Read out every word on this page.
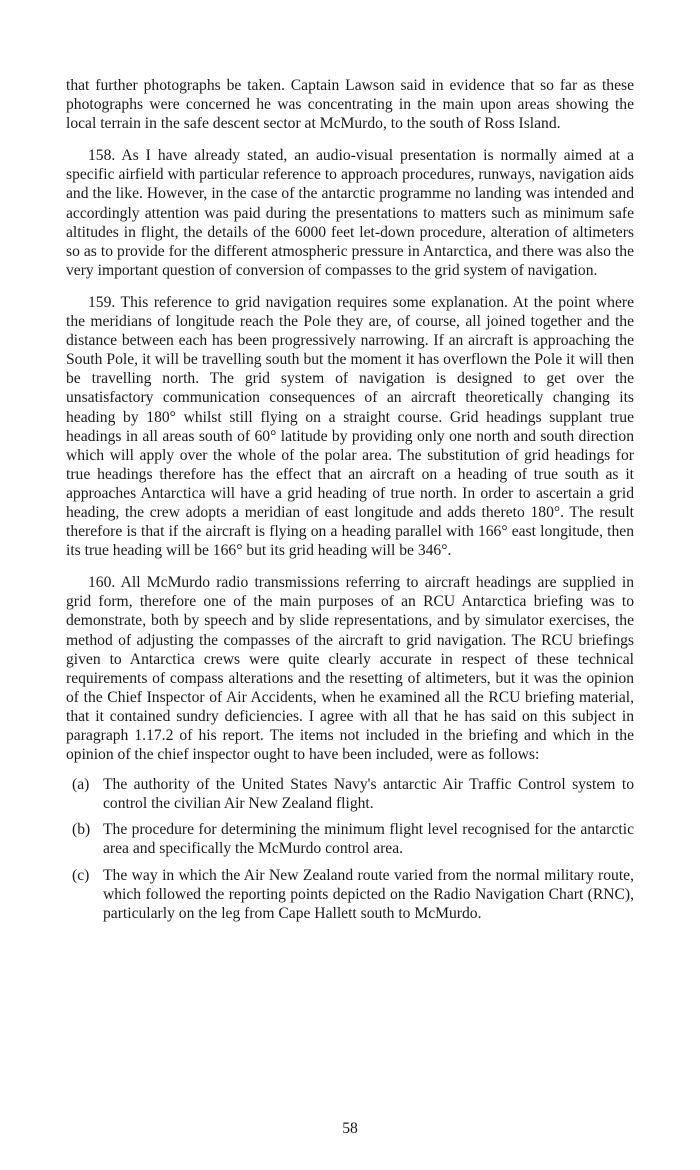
that further photographs be taken. Captain Lawson said in evidence that so far as these photographs were concerned he was concentrating in the main upon areas showing the local terrain in the safe descent sector at McMurdo, to the south of Ross Island.

158. As I have already stated, an audio-visual presentation is normally aimed at a specific airfield with particular reference to approach procedures, runways, navigation aids and the like. However, in the case of the antarctic programme no landing was intended and accordingly attention was paid during the presentations to matters such as minimum safe altitudes in flight, the details of the 6000 feet let-down procedure, alteration of altimeters so as to provide for the different atmospheric pressure in Antarctica, and there was also the very important question of conversion of compasses to the grid system of navigation.

159. This reference to grid navigation requires some explanation. At the point where the meridians of longitude reach the Pole they are, of course, all joined together and the distance between each has been progressively narrowing. If an aircraft is approaching the South Pole, it will be travelling south but the moment it has overflown the Pole it will then be travelling north. The grid system of navigation is designed to get over the unsatisfactory communication consequences of an aircraft theoretically changing its heading by 180° whilst still flying on a straight course. Grid headings supplant true headings in all areas south of 60° latitude by providing only one north and south direction which will apply over the whole of the polar area. The substitution of grid headings for true headings therefore has the effect that an aircraft on a heading of true south as it approaches Antarctica will have a grid heading of true north. In order to ascertain a grid heading, the crew adopts a meridian of east longitude and adds thereto 180°. The result therefore is that if the aircraft is flying on a heading parallel with 166° east longitude, then its true heading will be 166° but its grid heading will be 346°.

160. All McMurdo radio transmissions referring to aircraft headings are supplied in grid form, therefore one of the main purposes of an RCU Antarctica briefing was to demonstrate, both by speech and by slide representations, and by simulator exercises, the method of adjusting the compasses of the aircraft to grid navigation. The RCU briefings given to Antarctica crews were quite clearly accurate in respect of these technical requirements of compass alterations and the resetting of altimeters, but it was the opinion of the Chief Inspector of Air Accidents, when he examined all the RCU briefing material, that it contained sundry deficiencies. I agree with all that he has said on this subject in paragraph 1.17.2 of his report. The items not included in the briefing and which in the opinion of the chief inspector ought to have been included, were as follows:

(a) The authority of the United States Navy's antarctic Air Traffic Control system to control the civilian Air New Zealand flight.
(b) The procedure for determining the minimum flight level recognised for the antarctic area and specifically the McMurdo control area.
(c) The way in which the Air New Zealand route varied from the normal military route, which followed the reporting points depicted on the Radio Navigation Chart (RNC), particularly on the leg from Cape Hallett south to McMurdo.
58
